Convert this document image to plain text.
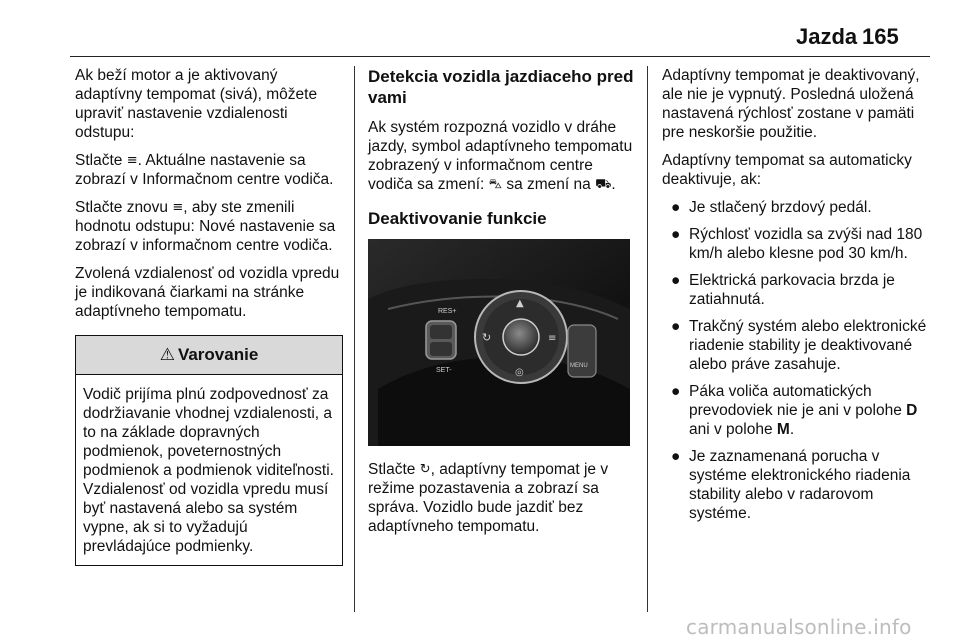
Jazda 165

Ak beží motor a je aktivovaný adaptívny tempomat (sivá), môžete upraviť nastavenie vzdialenosti odstupu:

Stlačte ≡. Aktuálne nastavenie sa zobrazí v Informačnom centre vodiča.

Stlačte znovu ≡, aby ste zmenili hodnotu odstupu: Nové nastavenie sa zobrazí v informačnom centre vodiča.

Zvolená vzdialenosť od vozidla vpredu je indikovaná čiarkami na stránke adaptívneho tempomatu.

⚠ Varovanie

Vodič prijíma plnú zodpovednosť za dodržiavanie vhodnej vzdialenosti, a to na základe dopravných podmienok, poveternostných podmienok a podmienok viditeľnosti. Vzdialenosť od vozidla vpredu musí byť nastavená alebo sa systém vypne, ak si to vyžadujú prevládajúce podmienky.

Detekcia vozidla jazdiaceho pred vami

Ak systém rozpozná vozidlo v dráhe jazdy, symbol adaptívneho tempomatu zobrazený v informačnom centre vodiča sa zmení: ⛍ sa zmení na ⛟.

Deaktivovanie funkcie
RES+
SET-
▲
↻	≡
◎
MENU

Stlačte ↻, adaptívny tempomat je v režime pozastavenia a zobrazí sa správa. Vozidlo bude jazdiť bez adaptívneho tempomatu.

Adaptívny tempomat je deaktivovaný, ale nie je vypnutý. Posledná uložená nastavená rýchlosť zostane v pamäti pre neskoršie použitie.

Adaptívny tempomat sa automaticky deaktivuje, ak:

● Je stlačený brzdový pedál.
● Rýchlosť vozidla sa zvýši nad 180 km/h alebo klesne pod 30 km/h.
● Elektrická parkovacia brzda je zatiahnutá.
● Trakčný systém alebo elektronické riadenie stability je deaktivované alebo práve zasahuje.
● Páka voliča automatických prevodoviek nie je ani v polohe D ani v polohe M.
● Je zaznamenaná porucha v systéme elektronického riadenia stability alebo v radarovom systéme.
carmanualsonline.info
